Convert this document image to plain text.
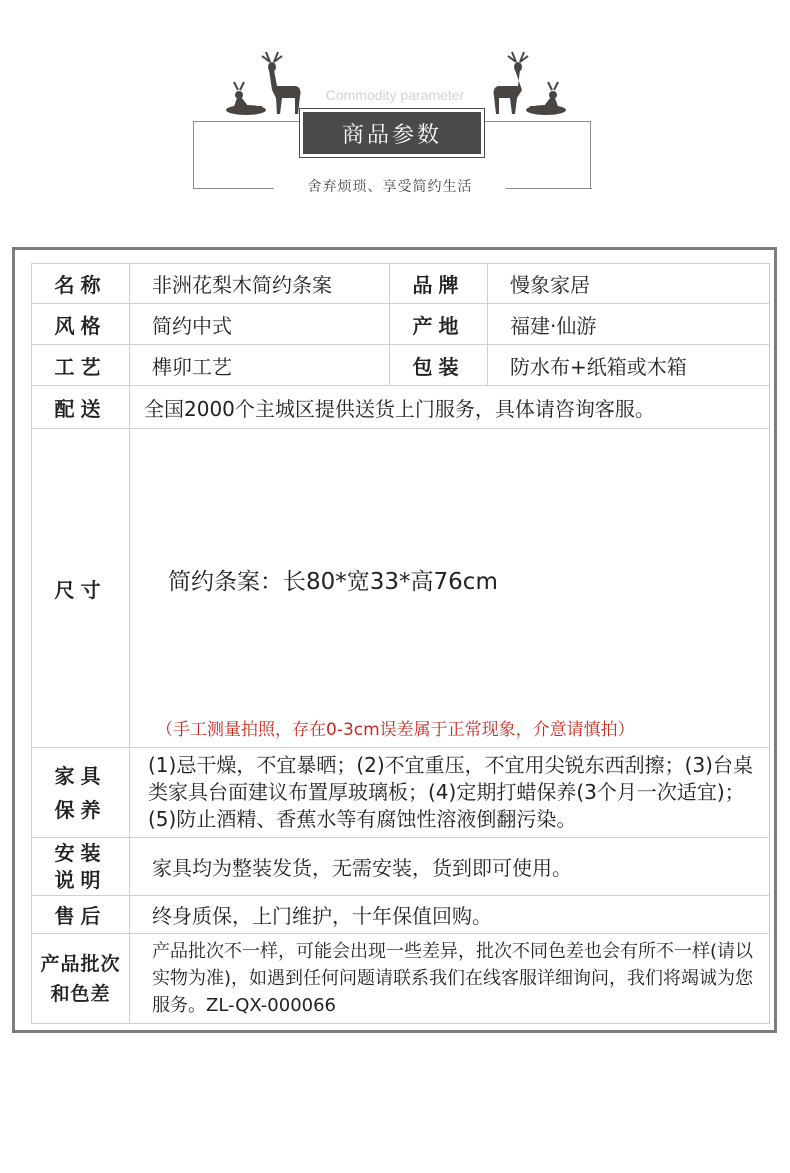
Commodity parameter
商品参数
舍弃烦琐、享受简约生活
名称	非洲花梨木简约条案	品牌	慢象家居
风格	简约中式	产地	福建·仙游
工艺	榫卯工艺	包装	防水布+纸箱或木箱
配送	全国2000个主城区提供送货上门服务，具体请咨询客服。		
尺寸	简约条案：长80*宽33*高76cm
（手工测量拍照，存在0-3cm误差属于正常现象，介意请慎拍）		

家具
保养	(1)忌干燥，不宜暴晒；(2)不宜重压，不宜用尖锐东西刮擦；(3)台桌类家具台面建议布置厚玻璃板；(4)定期打蜡保养(3个月一次适宜)；(5)防止酒精、香蕉水等有腐蚀性溶液倒翻污染。		

安装
说明	家具均为整装发货，无需安装，货到即可使用。		
售后	终身质保，上门维护，十年保值回购。		

产品批次
和色差	产品批次不一样，可能会出现一些差异，批次不同色差也会有所不一样(请以实物为准)，如遇到任何问题请联系我们在线客服详细询问，我们将竭诚为您服务。ZL-QX-000066		
